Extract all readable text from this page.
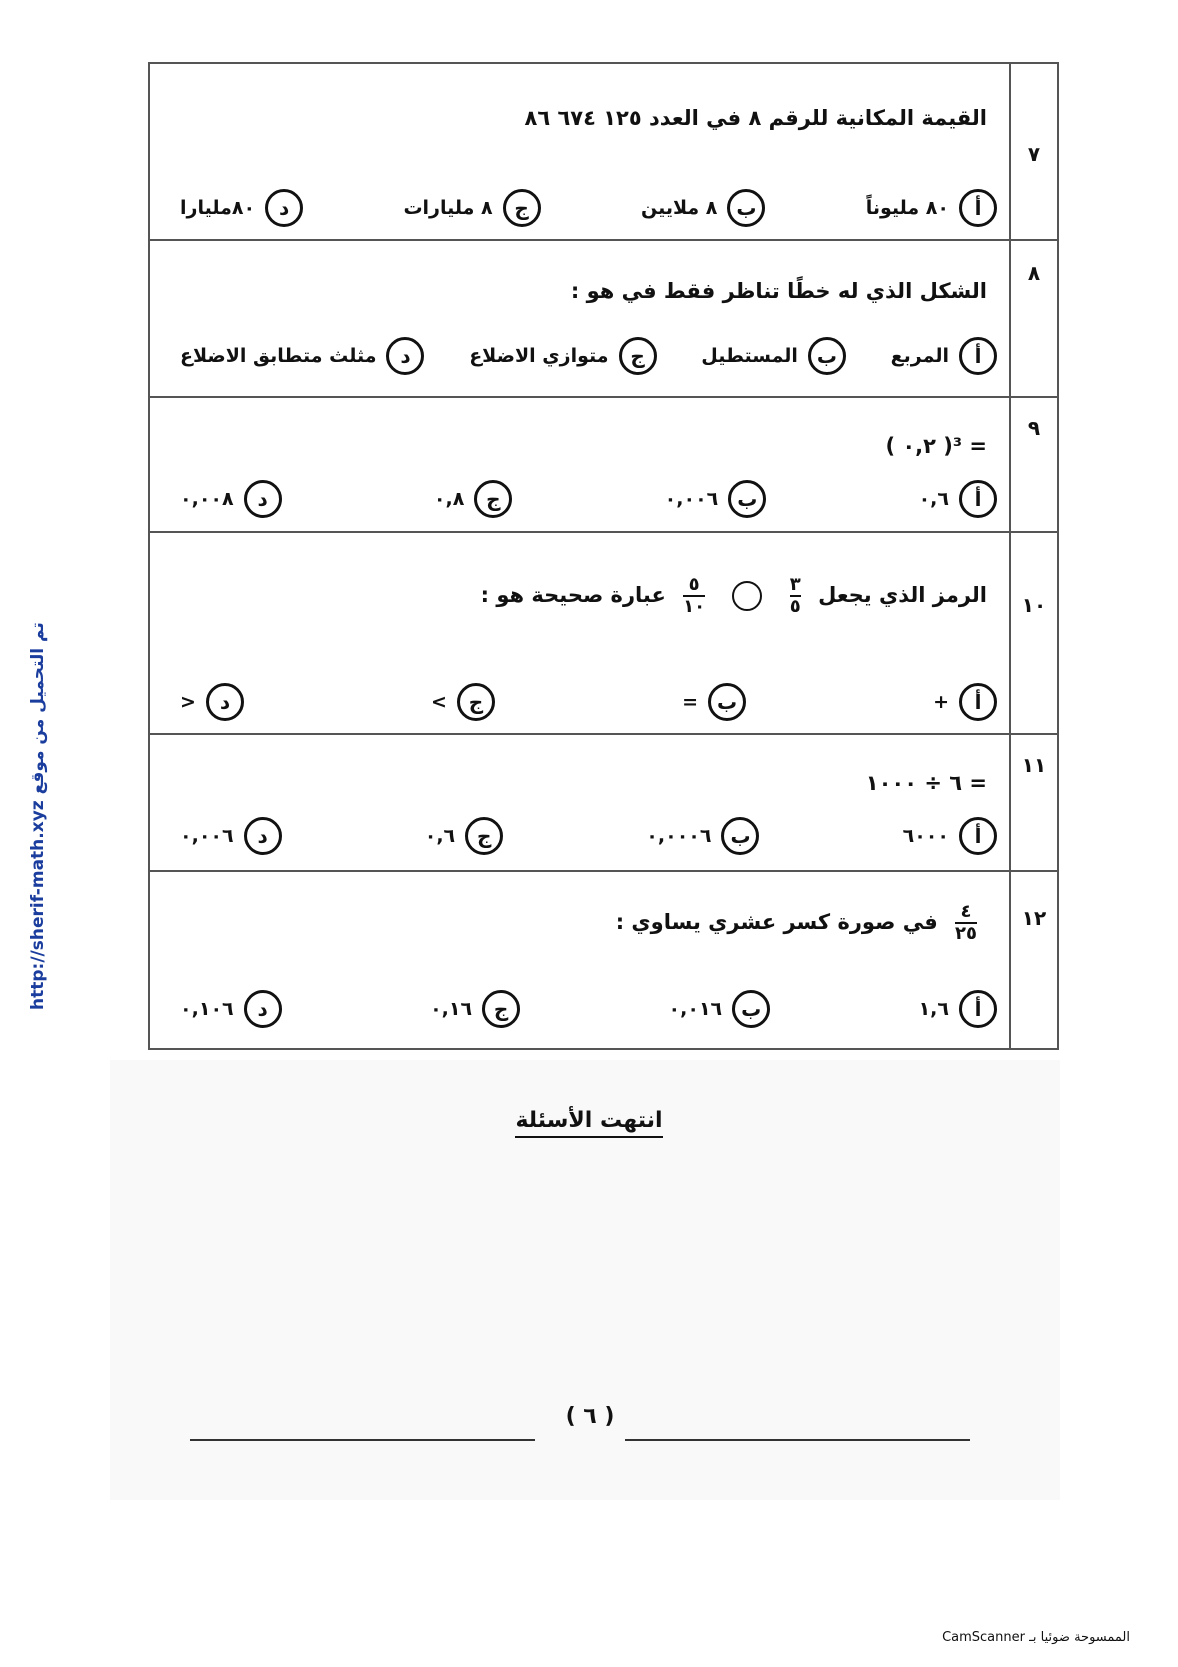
تم التحميل من موقع http://sherif-math.xyz
٧
القيمة المكانية للرقم ٨ في العدد ١٢٥ ٦٧٤ ٨٦
أ
٨٠ مليوناً
ب
٨ ملايين
ج
٨ مليارات
د
٨٠مليارا
٨
الشكل الذي له خطًا تناظر فقط في هو :
أ
المربع
ب
المستطيل
ج
متوازي الاضلاع
د
مثلث متطابق الاضلاع
٩
( ٠,٢ )³ =
أ
٠,٦
ب
٠,٠٠٦
ج
٠,٨
د
٠,٠٠٨
١٠
الرمز الذي يجعل
$\frac{٣}{٥}$

$\frac{٥}{١٠}$
عبارة صحيحة هو :
أ
+
ب
=
ج
>
د
<
١١
٦ ÷ ١٠٠٠ =
أ
٦٠٠٠
ب
٠,٠٠٠٦
ج
٠,٦
د
٠,٠٠٦
١٢
$\frac{٤}{٢٥}$
في صورة كسر عشري يساوي :
أ
١,٦
ب
٠,٠١٦
ج
٠,١٦
د
٠,١٠٦
انتهت الأسئلة
( ٦ )
الممسوحة ضوئيا بـ CamScanner
